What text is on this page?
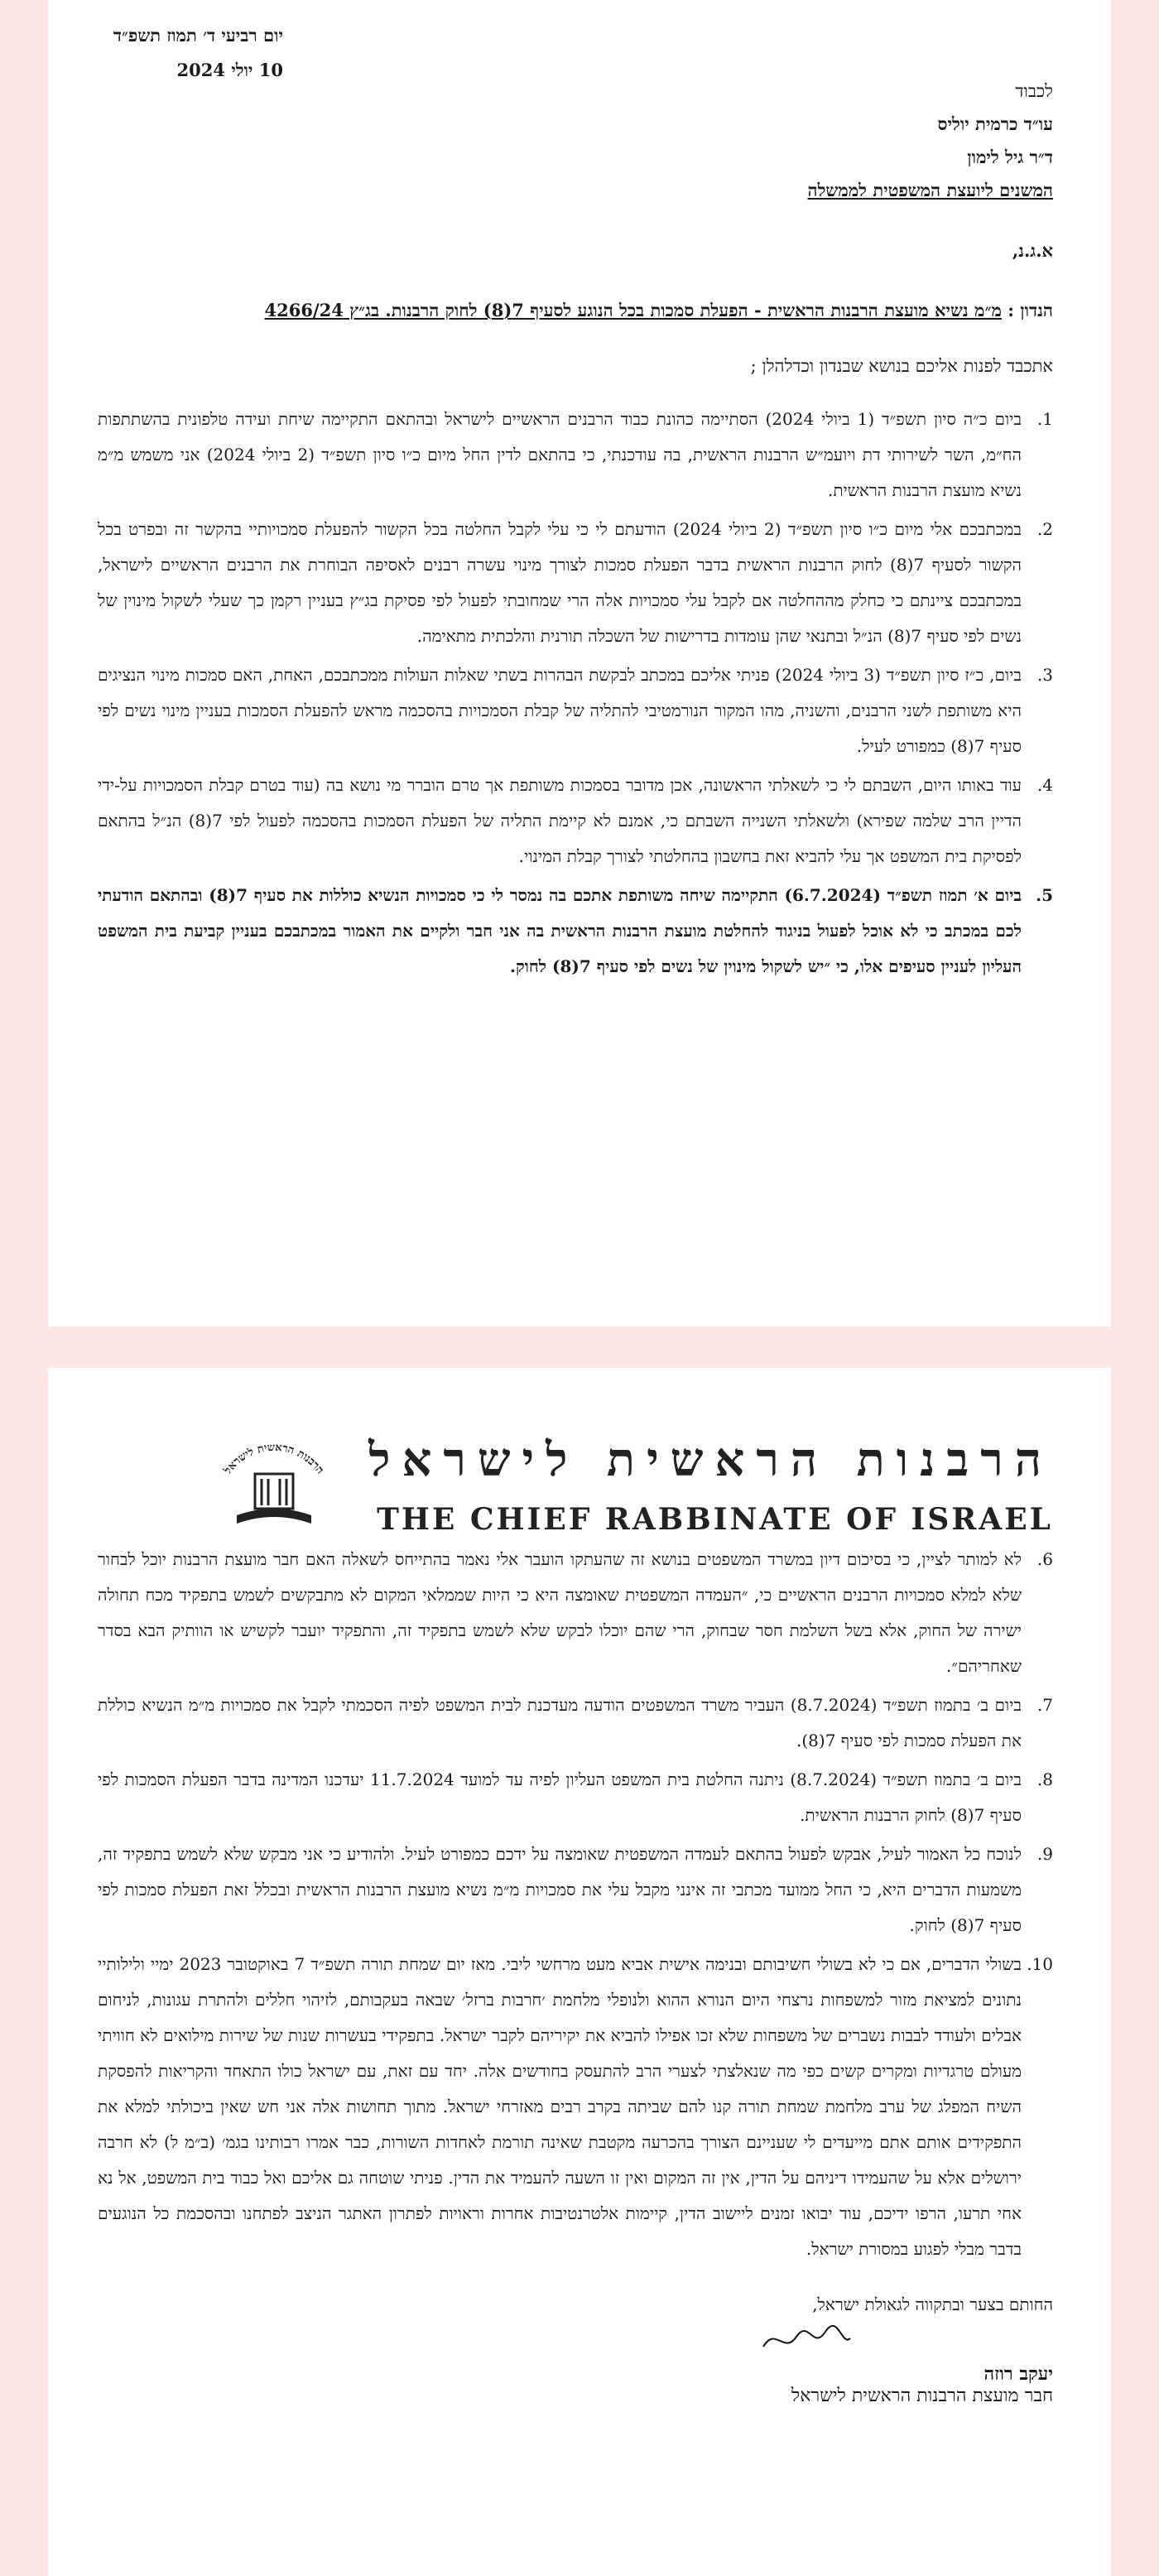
יום רביעי ד׳ תמוז תשפ״ד
10 יולי 2024
לכבוד
עו״ד כרמית יוליס
ד״ר גיל לימון
המשנים ליועצת המשפטית לממשלה
א.ג.נ,
הנדון : מ״מ נשיא מועצת הרבנות הראשית - הפעלת סמכות בכל הנוגע לסעיף 7(8) לחוק הרבנות. בג״ץ 4266/24
אתכבד לפנות אליכם בנושא שבנדון וכדלהלן ;
1.
ביום כ״ה סיון תשפ״ד (1 ביולי 2024) הסתיימה כהונת כבוד הרבנים הראשיים לישראל ובהתאם התקיימה שיחת ועידה טלפונית בהשתתפות הח״מ, השר לשירותי דת ויועמ״ש הרבנות הראשית, בה עודכנתי, כי בהתאם לדין החל מיום כ״ו סיון תשפ״ד (2 ביולי 2024) אני משמש מ״מ נשיא מועצת הרבנות הראשית.
2.
במכתבכם אלי מיום כ״ו סיון תשפ״ד (2 ביולי 2024) הודעתם לי כי עלי לקבל החלטה בכל הקשור להפעלת סמכויותיי בהקשר זה ובפרט בכל הקשור לסעיף 7(8) לחוק הרבנות הראשית בדבר הפעלת סמכות לצורך מינוי עשרה רבנים לאסיפה הבוחרת את הרבנים הראשיים לישראל, במכתבכם ציינתם כי כחלק מההחלטה אם לקבל עלי סמכויות אלה הרי שמחובתי לפעול לפי פסיקת בג״ץ בעניין רקמן כך שעלי לשקול מינוין של נשים לפי סעיף 7(8) הנ״ל ובתנאי שהן עומדות בדרישות של השכלה תורנית והלכתית מתאימה.
3.
ביום, כ״ז סיון תשפ״ד (3 ביולי 2024) פניתי אליכם במכתב לבקשת הבהרות בשתי שאלות העולות ממכתבכם, האחת, האם סמכות מינוי הנציגים היא משותפת לשני הרבנים, והשניה, מהו המקור הנורמטיבי להתליה של קבלת הסמכויות בהסכמה מראש להפעלת הסמכות בעניין מינוי נשים לפי סעיף 7(8) כמפורט לעיל.
4.
עוד באותו היום, השבתם לי כי לשאלתי הראשונה, אכן מדובר בסמכות משותפת אך טרם הוברר מי נושא בה (עוד בטרם קבלת הסמכויות על-ידי הדיין הרב שלמה שפירא) ולשאלתי השנייה השבתם כי, אמנם לא קיימת התליה של הפעלת הסמכות בהסכמה לפעול לפי 7(8) הנ״ל בהתאם לפסיקת בית המשפט אך עלי להביא זאת בחשבון בהחלטתי לצורך קבלת המינוי.
5.
ביום א׳ תמוז תשפ״ד (6.7.2024) התקיימה שיחה משותפת אתכם בה נמסר לי כי סמכויות הנשיא כוללות את סעיף 7(8) ובהתאם הודעתי לכם במכתב כי לא אוכל לפעול בניגוד להחלטת מועצת הרבנות הראשית בה אני חבר ולקיים את האמור במכתבכם בעניין קביעת בית המשפט העליון לעניין סעיפים אלו, כי ״יש לשקול מינוין של נשים לפי סעיף 7(8) לחוק.
הרבנות הראשית לישראל
THE CHIEF RABBINATE OF ISRAEL
הרבנות הראשית לישראל
6.
לא למותר לציין, כי בסיכום דיון במשרד המשפטים בנושא זה שהעתקו הועבר אלי נאמר בהתייחס לשאלה האם חבר מועצת הרבנות יוכל לבחור שלא למלא סמכויות הרבנים הראשיים כי, ״העמדה המשפטית שאומצה היא כי היות שממלאי המקום לא מתבקשים לשמש בתפקיד מכח תחולה ישירה של החוק, אלא בשל השלמת חסר שבחוק, הרי שהם יוכלו לבקש שלא לשמש בתפקיד זה, והתפקיד יועבר לקשיש או הוותיק הבא בסדר שאחריהם״.
7.
ביום ב׳ בתמוז תשפ״ד (8.7.2024) העביר משרד המשפטים הודעה מעדכנת לבית המשפט לפיה הסכמתי לקבל את סמכויות מ״מ הנשיא כוללת את הפעלת סמכות לפי סעיף 7(8).
8.
ביום ב׳ בתמוז תשפ״ד (8.7.2024) ניתנה החלטת בית המשפט העליון לפיה עד למועד 11.7.2024 יעדכנו המדינה בדבר הפעלת הסמכות לפי סעיף 7(8) לחוק הרבנות הראשית.
9.
לנוכח כל האמור לעיל, אבקש לפעול בהתאם לעמדה המשפטית שאומצה על ידכם כמפורט לעיל. ולהודיע כי אני מבקש שלא לשמש בתפקיד זה, משמעות הדברים היא, כי החל ממועד מכתבי זה אינני מקבל עלי את סמכויות מ״מ נשיא מועצת הרבנות הראשית ובכלל זאת הפעלת סמכות לפי סעיף 7(8) לחוק.
10.
בשולי הדברים, אם כי לא בשולי חשיבותם ובנימה אישית אביא מעט מרחשי ליבי. מאז יום שמחת תורה תשפ״ד 7 באוקטובר 2023 ימיי ולילותיי נתונים למציאת מזור למשפחות נרצחי היום הנורא ההוא ולנופלי מלחמת ׳חרבות ברזל׳ שבאה בעקבותם, לזיהוי חללים ולהתרת עגונות, לניחום אבלים ולעודד לבבות נשברים של משפחות שלא זכו אפילו להביא את יקיריהם לקבר ישראל. בתפקידי בעשרות שנות של שירות מילואים לא חוויתי מעולם טרגדיות ומקרים קשים כפי מה שנאלצתי לצערי הרב להתעסק בחודשים אלה. יחד עם זאת, עם ישראל כולו התאחד והקריאות להפסקת השיח המפלג של ערב מלחמת שמחת תורה קנו להם שביתה בקרב רבים מאזרחי ישראל. מתוך תחושות אלה אני חש שאין ביכולתי למלא את התפקידים אותם אתם מייעדים לי שעניינם הצורך בהכרעה מקטבת שאינה תורמת לאחדות השורות, כבר אמרו רבותינו בגמ׳ (ב״מ ל) לא חרבה ירושלים אלא על שהעמידו דיניהם על הדין, אין זה המקום ואין זו השעה להעמיד את הדין. פניתי שוטחה גם אליכם ואל כבוד בית המשפט, אל נא אחי תרעו, הרפו ידיכם, עוד יבואו זמנים ליישוב הדין, קיימות אלטרנטיבות אחרות וראויות לפתרון האתגר הניצב לפתחנו ובהסכמת כל הנוגעים בדבר מבלי לפגוע במסורת ישראל.
החותם בצער ובתקווה לגאולת ישראל,
יעקב רוזה
חבר מועצת הרבנות הראשית לישראל
